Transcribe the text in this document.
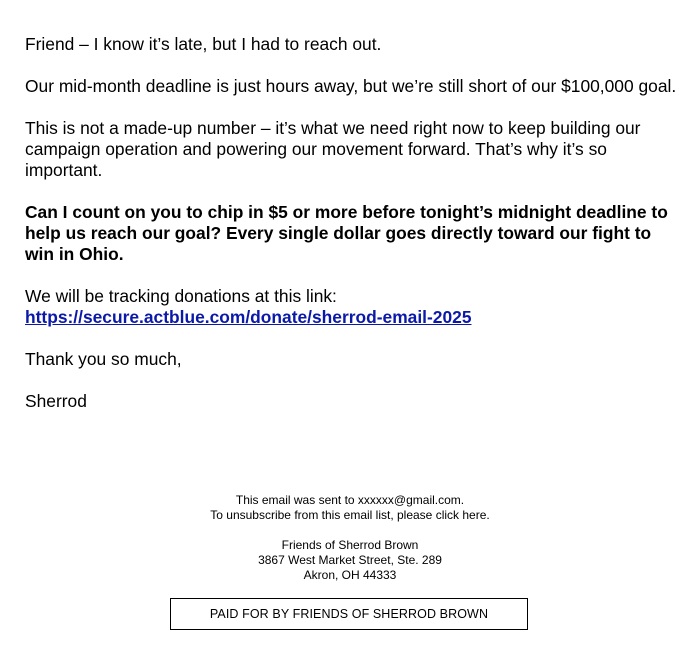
Friend – I know it’s late, but I had to reach out.

Our mid-month deadline is just hours away, but we’re still short of our $100,000 goal.

This is not a made-up number – it’s what we need right now to keep building our campaign operation and powering our movement forward. That’s why it’s so important.

Can I count on you to chip in $5 or more before tonight’s midnight deadline to help us reach our goal? Every single dollar goes directly toward our fight to win in Ohio.

We will be tracking donations at this link:
https://secure.actblue.com/donate/sherrod-email-2025

Thank you so much,

Sherrod

This email was sent to xxxxxx@gmail.com.
To unsubscribe from this email list, please click here.

Friends of Sherrod Brown
3867 West Market Street, Ste. 289
Akron, OH 44333

PAID FOR BY FRIENDS OF SHERROD BROWN
